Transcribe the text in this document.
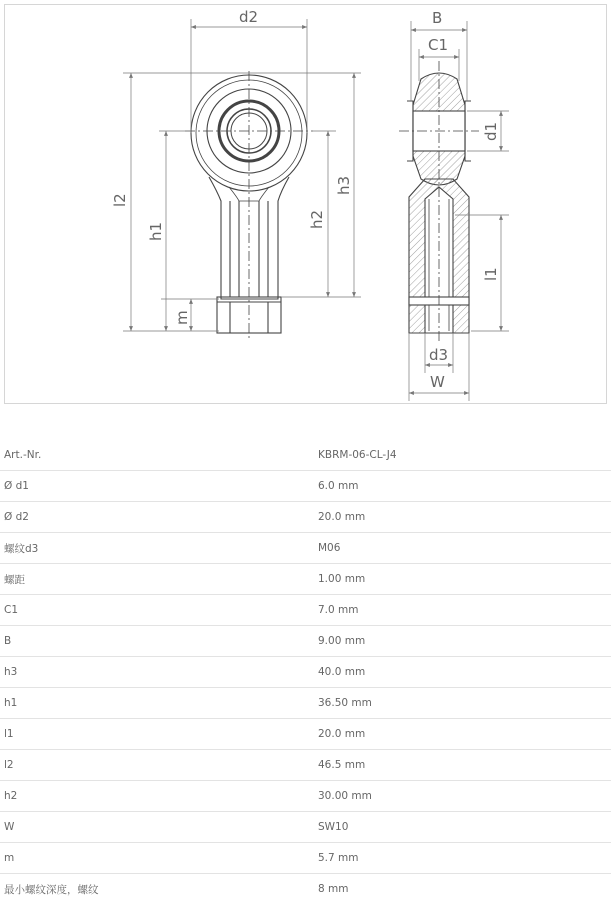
d2
l2
h1
m
h2
h3
B
C1
d1
l1
d3
W
Art.-Nr.	KBRM-06-CL-J4
Ø d1	6.0 mm
Ø d2	20.0 mm
螺纹d3	M06
螺距	1.00 mm
C1	7.0 mm
B	9.00 mm
h3	40.0 mm
h1	36.50 mm
l1	20.0 mm
l2	46.5 mm
h2	30.00 mm
W	SW10
m	5.7 mm
最小螺纹深度，螺纹	8 mm
